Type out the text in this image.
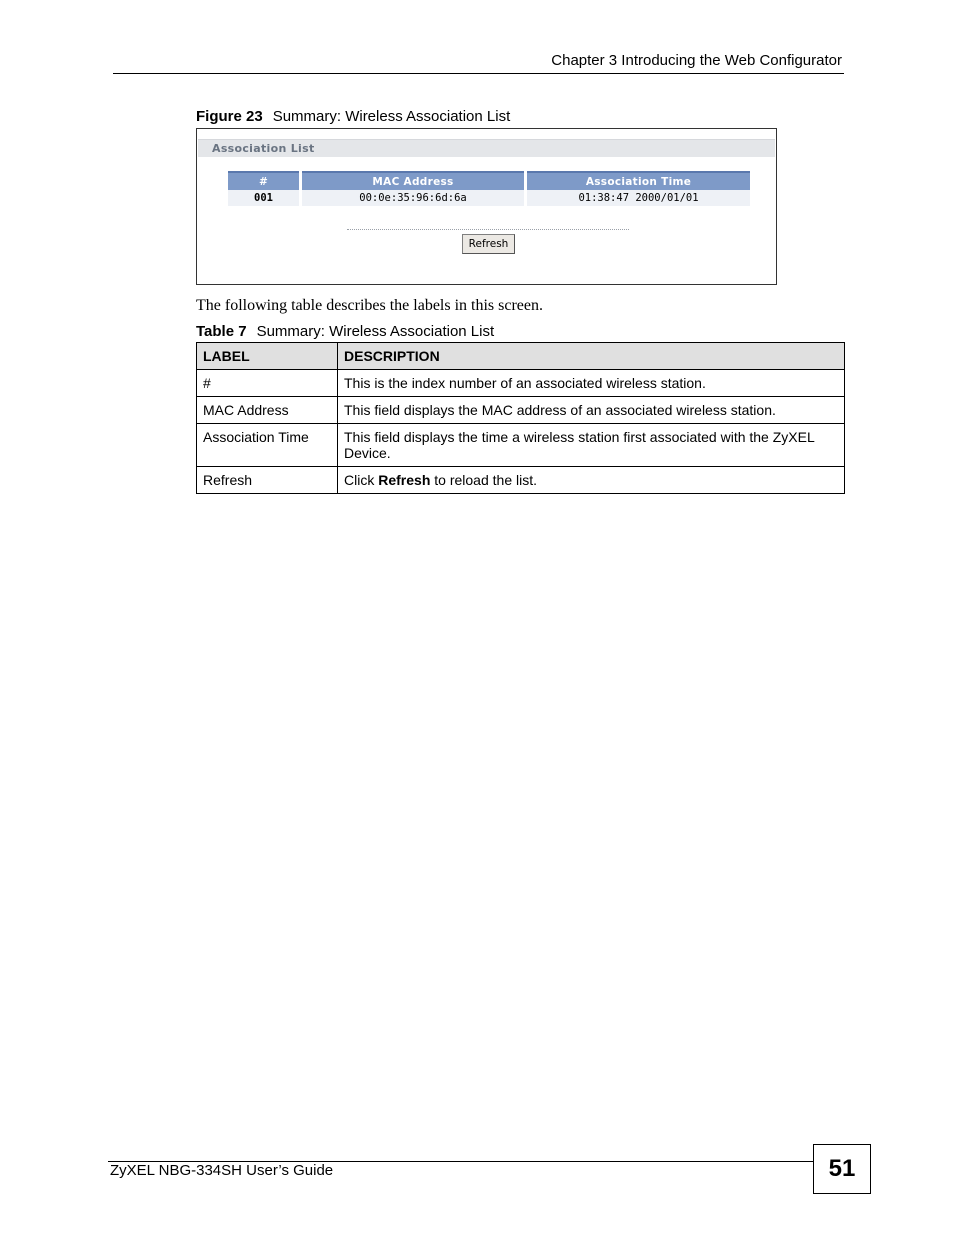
Chapter 3 Introducing the Web Configurator
Figure 23 Summary: Wireless Association List
Association List
#	MAC Address	Association Time
001	00:0e:35:96:6d:6a	01:38:47 2000/01/01
Refresh
The following table describes the labels in this screen.
Table 7 Summary: Wireless Association List
LABEL	DESCRIPTION
#	This is the index number of an associated wireless station.
MAC Address	This field displays the MAC address of an associated wireless station.
Association Time	This field displays the time a wireless station first associated with the ZyXEL Device.
Refresh	Click Refresh to reload the list.
ZyXEL NBG-334SH User’s Guide	51
